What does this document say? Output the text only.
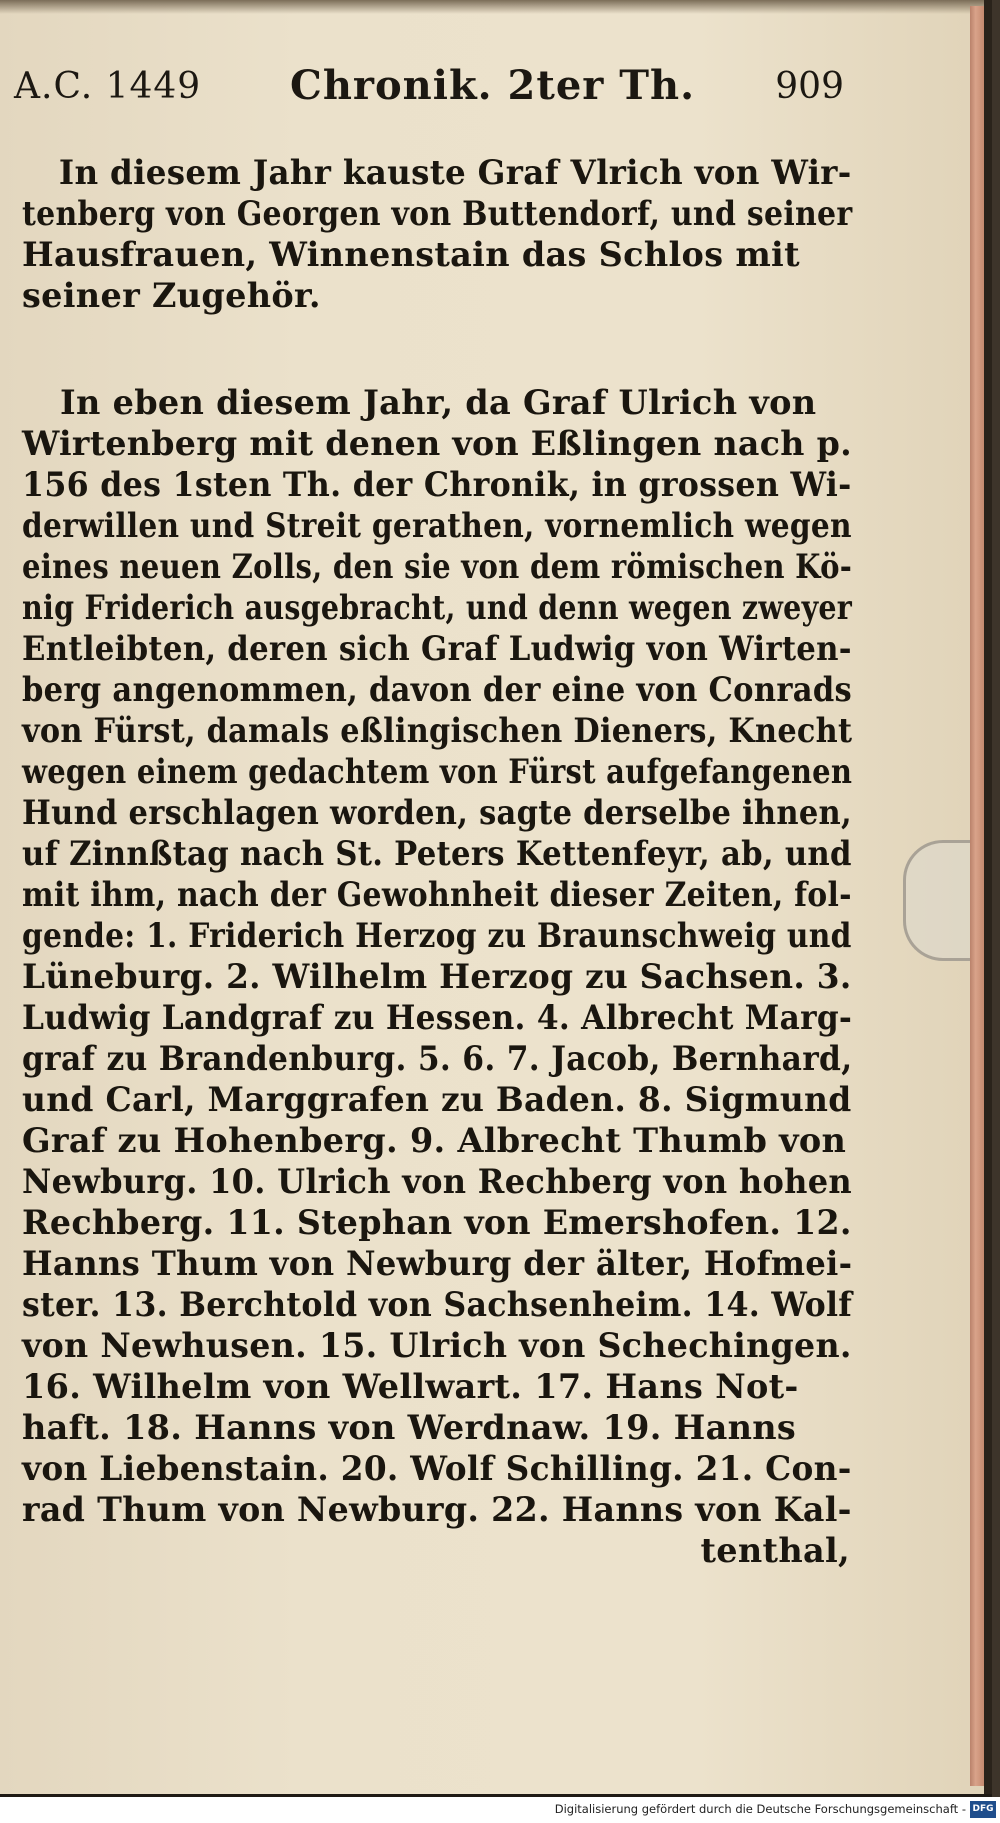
A.C. 1449 Chronik. 2ter Th. 909
In diesem Jahr kauste Graf Vlrich von Wir-
tenberg von Georgen von Buttendorf, und seiner
Hausfrauen, Winnenstain das Schlos mit
seiner Zugehör.
In eben diesem Jahr, da Graf Ulrich von
Wirtenberg mit denen von Eßlingen nach p.
156 des 1sten Th. der Chronik, in grossen Wi-
derwillen und Streit gerathen, vornemlich wegen
eines neuen Zolls, den sie von dem römischen Kö-
nig Friderich ausgebracht, und denn wegen zweyer
Entleibten, deren sich Graf Ludwig von Wirten-
berg angenommen, davon der eine von Conrads
von Fürst, damals eßlingischen Dieners, Knecht
wegen einem gedachtem von Fürst aufgefangenen
Hund erschlagen worden, sagte derselbe ihnen,
uf Zinnßtag nach St. Peters Kettenfeyr, ab, und
mit ihm, nach der Gewohnheit dieser Zeiten, fol-
gende: 1. Friderich Herzog zu Braunschweig und
Lüneburg. 2. Wilhelm Herzog zu Sachsen. 3.
Ludwig Landgraf zu Hessen. 4. Albrecht Marg-
graf zu Brandenburg. 5. 6. 7. Jacob, Bernhard,
und Carl, Marggrafen zu Baden. 8. Sigmund
Graf zu Hohenberg. 9. Albrecht Thumb von
Newburg. 10. Ulrich von Rechberg von hohen
Rechberg. 11. Stephan von Emershofen. 12.
Hanns Thum von Newburg der älter, Hofmei-
ster. 13. Berchtold von Sachsenheim. 14. Wolf
von Newhusen. 15. Ulrich von Schechingen.
16. Wilhelm von Wellwart. 17. Hans Not-
haft. 18. Hanns von Werdnaw. 19. Hanns
von Liebenstain. 20. Wolf Schilling. 21. Con-
rad Thum von Newburg. 22. Hanns von Kal-
tenthal,
Digitalisierung gefördert durch die Deutsche Forschungsgemeinschaft - DFG
